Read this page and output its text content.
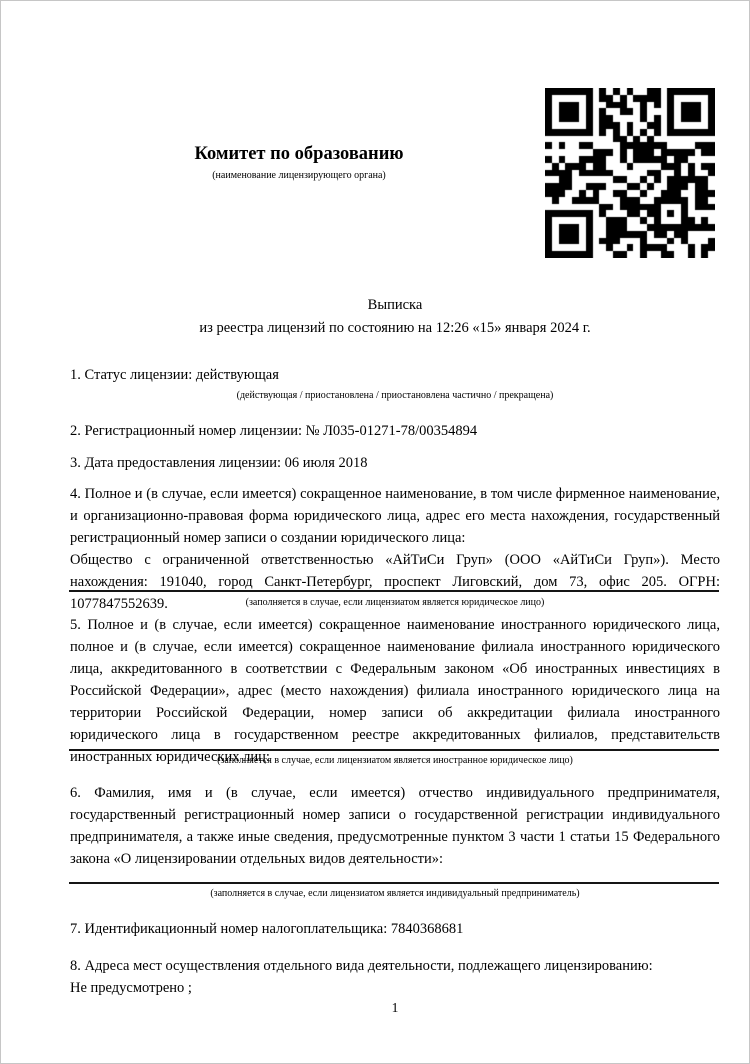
Комитет по образованию
(наименование лицензирующего органа)
Выписка
из реестра лицензий по состоянию на 12:26 «15» января 2024 г.
1. Статус лицензии: действующая
(действующая / приостановлена / приостановлена частично / прекращена)
2. Регистрационный номер лицензии: № Л035-01271-78/00354894
3. Дата предоставления лицензии: 06 июля 2018

4. Полное и (в случае, если имеется) сокращенное наименование, в том числе фирменное наименование, и организационно-правовая форма юридического лица, адрес его места нахождения, государственный регистрационный номер записи о создании юридического лица:

Общество с ограниченной ответственностью «АйТиСи Груп» (ООО «АйТиСи Груп»). Место нахождения: 191040, город Санкт-Петербург, проспект Лиговский, дом 73, офис 205. ОГРН: 1077847552639.	(заполняется в случае, если лицензиатом является юридическое лицо)
5. Полное и (в случае, если имеется) сокращенное наименование иностранного юридического лица, полное и (в случае, если имеется) сокращенное наименование филиала иностранного юридического лица, аккредитованного в соответствии с Федеральным законом «Об иностранных инвестициях в Российской Федерации», адрес (место нахождения) филиала иностранного юридического лица на территории Российской Федерации, номер записи об аккредитации филиала иностранного юридического лица в государственном реестре аккредитованных филиалов, представительств иностранных юридических лиц:
(заполняется в случае, если лицензиатом является иностранное юридическое лицо)
6. Фамилия, имя и (в случае, если имеется) отчество индивидуального предпринимателя, государственный регистрационный номер записи о государственной регистрации индивидуального предпринимателя, а также иные сведения, предусмотренные пунктом 3 части 1 статьи 15 Федерального закона «О лицензировании отдельных видов деятельности»:
(заполняется в случае, если лицензиатом является индивидуальный предприниматель)
7. Идентификационный номер налогоплательщика: 7840368681

8. Адреса мест осуществления отдельного вида деятельности, подлежащего лицензированию:

Не предусмотрено ;

1
